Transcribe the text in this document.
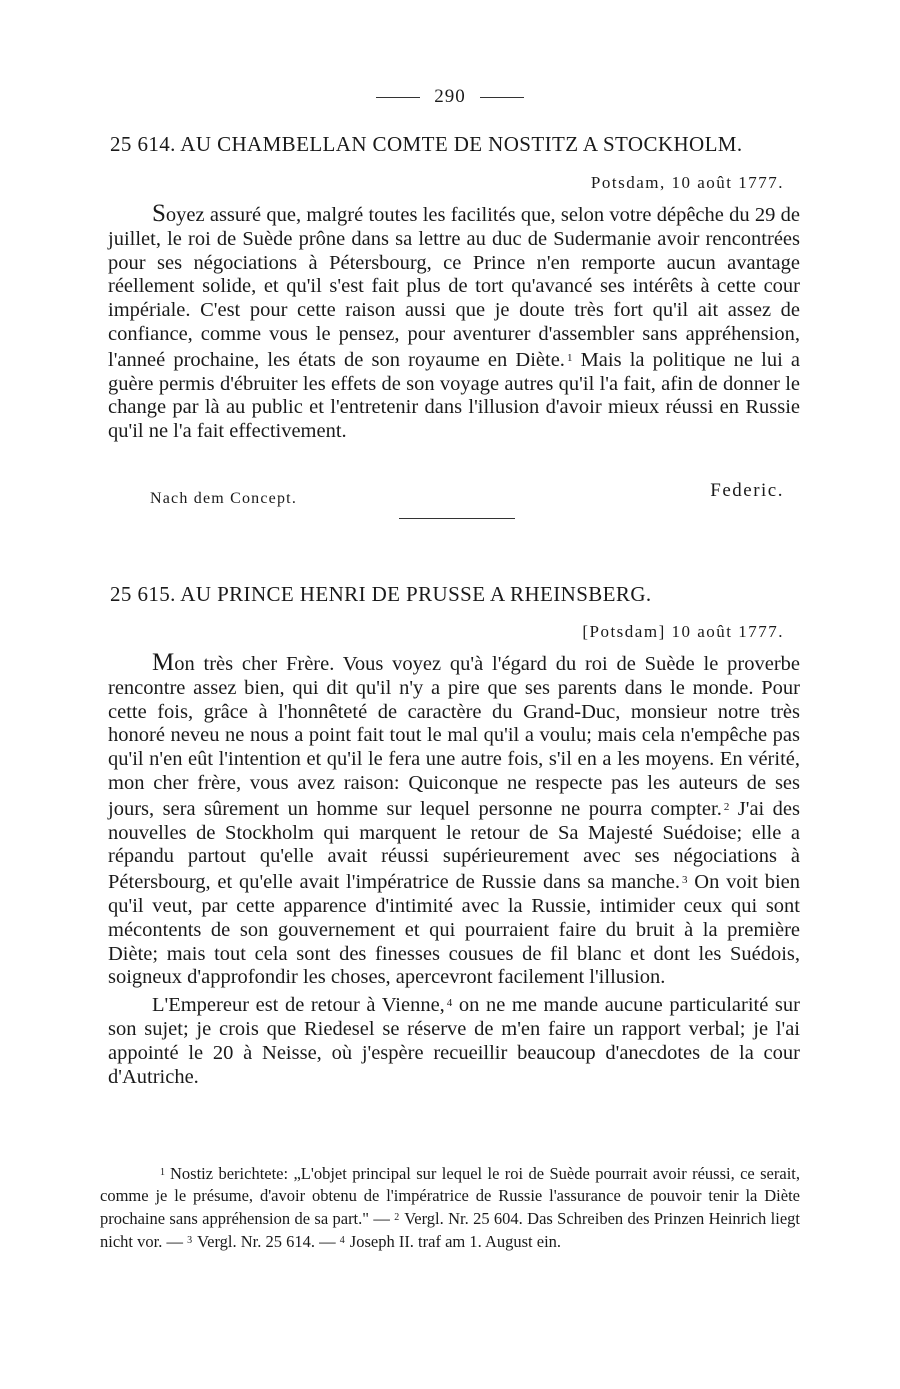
290
25 614. AU CHAMBELLAN COMTE DE NOSTITZ A STOCKHOLM.
Potsdam, 10 août 1777.

Soyez assuré que, malgré toutes les facilités que, selon votre dépêche du 29 de juillet, le roi de Suède prône dans sa lettre au duc de Sudermanie avoir rencontrées pour ses négociations à Pétersbourg, ce Prince n'en remporte aucun avantage réellement solide, et qu'il s'est fait plus de tort qu'avancé ses intérêts à cette cour impériale. C'est pour cette raison aussi que je doute très fort qu'il ait assez de confiance, comme vous le pensez, pour aventurer d'assembler sans appréhension, l'anneé prochaine, les états de son royaume en Diète. $^1$ Mais la politique ne lui a guère permis d'ébruiter les effets de son voyage autres qu'il l'a fait, afin de donner le change par là au public et l'entretenir dans l'illusion d'avoir mieux réussi en Russie qu'il ne l'a fait effectivement.

Nach dem Concept.	Federic.
25 615. AU PRINCE HENRI DE PRUSSE A RHEINSBERG.
[Potsdam] 10 août 1777.

Mon très cher Frère. Vous voyez qu'à l'égard du roi de Suède le proverbe rencontre assez bien, qui dit qu'il n'y a pire que ses parents dans le monde. Pour cette fois, grâce à l'honnêteté de caractère du Grand-Duc, monsieur notre très honoré neveu ne nous a point fait tout le mal qu'il a voulu; mais cela n'empêche pas qu'il n'en eût l'intention et qu'il le fera une autre fois, s'il en a les moyens. En vérité, mon cher frère, vous avez raison: Quiconque ne respecte pas les auteurs de ses jours, sera sûrement un homme sur lequel personne ne pourra compter. $^2$ J'ai des nouvelles de Stockholm qui marquent le retour de Sa Majesté Suédoise; elle a répandu partout qu'elle avait réussi supérieurement avec ses négociations à Pétersbourg, et qu'elle avait l'impératrice de Russie dans sa manche. $^3$ On voit bien qu'il veut, par cette apparence d'intimité avec la Russie, intimider ceux qui sont mécontents de son gouvernement et qui pourraient faire du bruit à la première Diète; mais tout cela sont des finesses cousues de fil blanc et dont les Suédois, soigneux d'approfondir les choses, apercevront facilement l'illusion.

L'Empereur est de retour à Vienne, $^4$ on ne me mande aucune particularité sur son sujet; je crois que Riedesel se réserve de m'en faire un rapport verbal; je l'ai appointé le 20 à Neisse, où j'espère recueillir beaucoup d'anecdotes de la cour d'Autriche.

$^1$ Nostiz berichtete: „L'objet principal sur lequel le roi de Suède pourrait avoir réussi, ce serait, comme je le présume, d'avoir obtenu de l'impératrice de Russie l'assurance de pouvoir tenir la Diète prochaine sans appréhension de sa part." — $^2$ Vergl. Nr. 25 604. Das Schreiben des Prinzen Heinrich liegt nicht vor. — $^3$ Vergl. Nr. 25 614. — $^4$ Joseph II. traf am 1. August ein.
